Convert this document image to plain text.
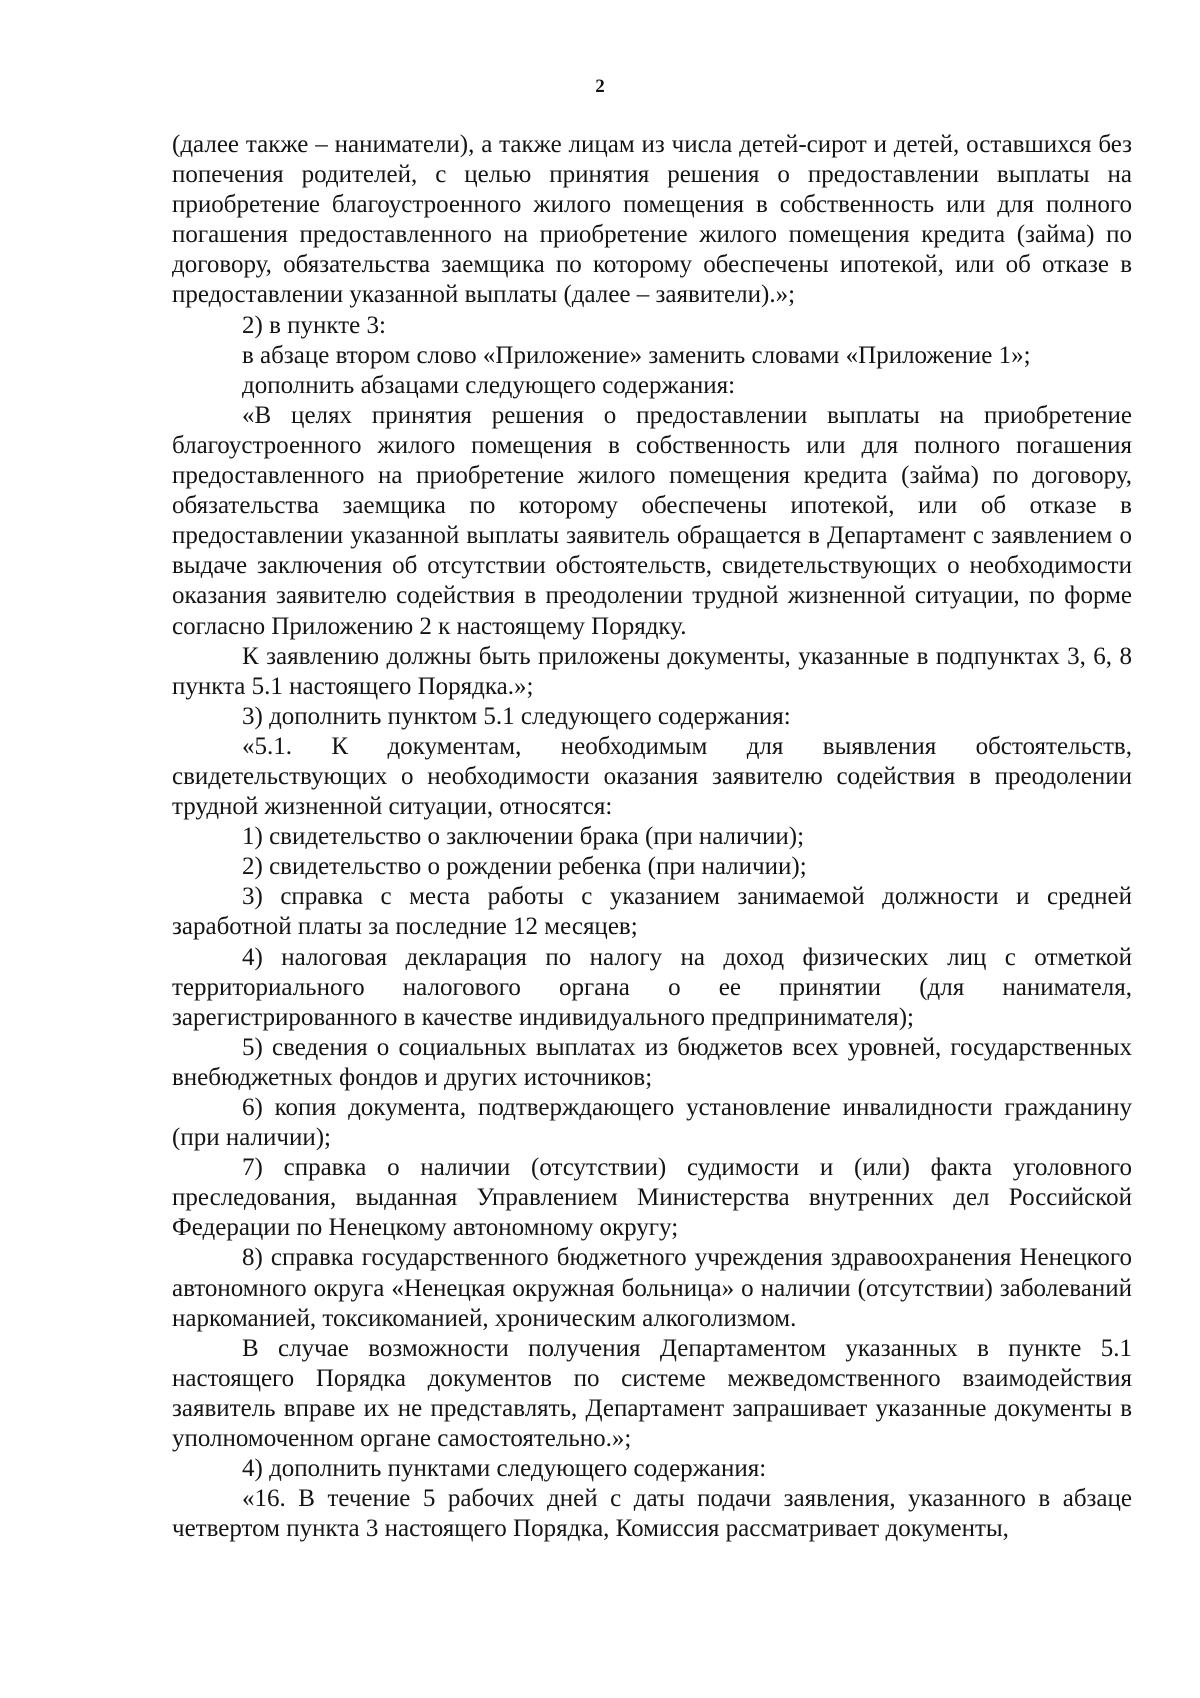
2

(далее также – наниматели), а также лицам из числа детей-сирот и детей, оставшихся без попечения родителей, с целью принятия решения о предоставлении выплаты на приобретение благоустроенного жилого помещения в собственность или для полного погашения предоставленного на приобретение жилого помещения кредита (займа) по договору, обязательства заемщика по которому обеспечены ипотекой, или об отказе в предоставлении указанной выплаты (далее – заявители).»;

2) в пункте 3:

в абзаце втором слово «Приложение» заменить словами «Приложение 1»;

дополнить абзацами следующего содержания:

«В целях принятия решения о предоставлении выплаты на приобретение благоустроенного жилого помещения в собственность или для полного погашения предоставленного на приобретение жилого помещения кредита (займа) по договору, обязательства заемщика по которому обеспечены ипотекой, или об отказе в предоставлении указанной выплаты заявитель обращается в Департамент с заявлением о выдаче заключения об отсутствии обстоятельств, свидетельствующих о необходимости оказания заявителю содействия в преодолении трудной жизненной ситуации, по форме согласно Приложению 2 к настоящему Порядку.

К заявлению должны быть приложены документы, указанные в подпунктах 3, 6, 8 пункта 5.1 настоящего Порядка.»;

3) дополнить пунктом 5.1 следующего содержания:

«5.1. К документам, необходимым для выявления обстоятельств, свидетельствующих о необходимости оказания заявителю содействия в преодолении трудной жизненной ситуации, относятся:

1) свидетельство о заключении брака (при наличии);

2) свидетельство о рождении ребенка (при наличии);

3) справка с места работы с указанием занимаемой должности и средней заработной платы за последние 12 месяцев;

4) налоговая декларация по налогу на доход физических лиц с отметкой территориального налогового органа о ее принятии (для нанимателя, зарегистрированного в качестве индивидуального предпринимателя);

5) сведения о социальных выплатах из бюджетов всех уровней, государственных внебюджетных фондов и других источников;

6) копия документа, подтверждающего установление инвалидности гражданину (при наличии);

7) справка о наличии (отсутствии) судимости и (или) факта уголовного преследования, выданная Управлением Министерства внутренних дел Российской Федерации по Ненецкому автономному округу;

8) справка государственного бюджетного учреждения здравоохранения Ненецкого автономного округа «Ненецкая окружная больница» о наличии (отсутствии) заболеваний наркоманией, токсикоманией, хроническим алкоголизмом.

В случае возможности получения Департаментом указанных в пункте 5.1 настоящего Порядка документов по системе межведомственного взаимодействия заявитель вправе их не представлять, Департамент запрашивает указанные документы в уполномоченном органе самостоятельно.»;

4) дополнить пунктами следующего содержания:

«16. В течение 5 рабочих дней с даты подачи заявления, указанного в абзаце четвертом пункта 3 настоящего Порядка, Комиссия рассматривает документы,
